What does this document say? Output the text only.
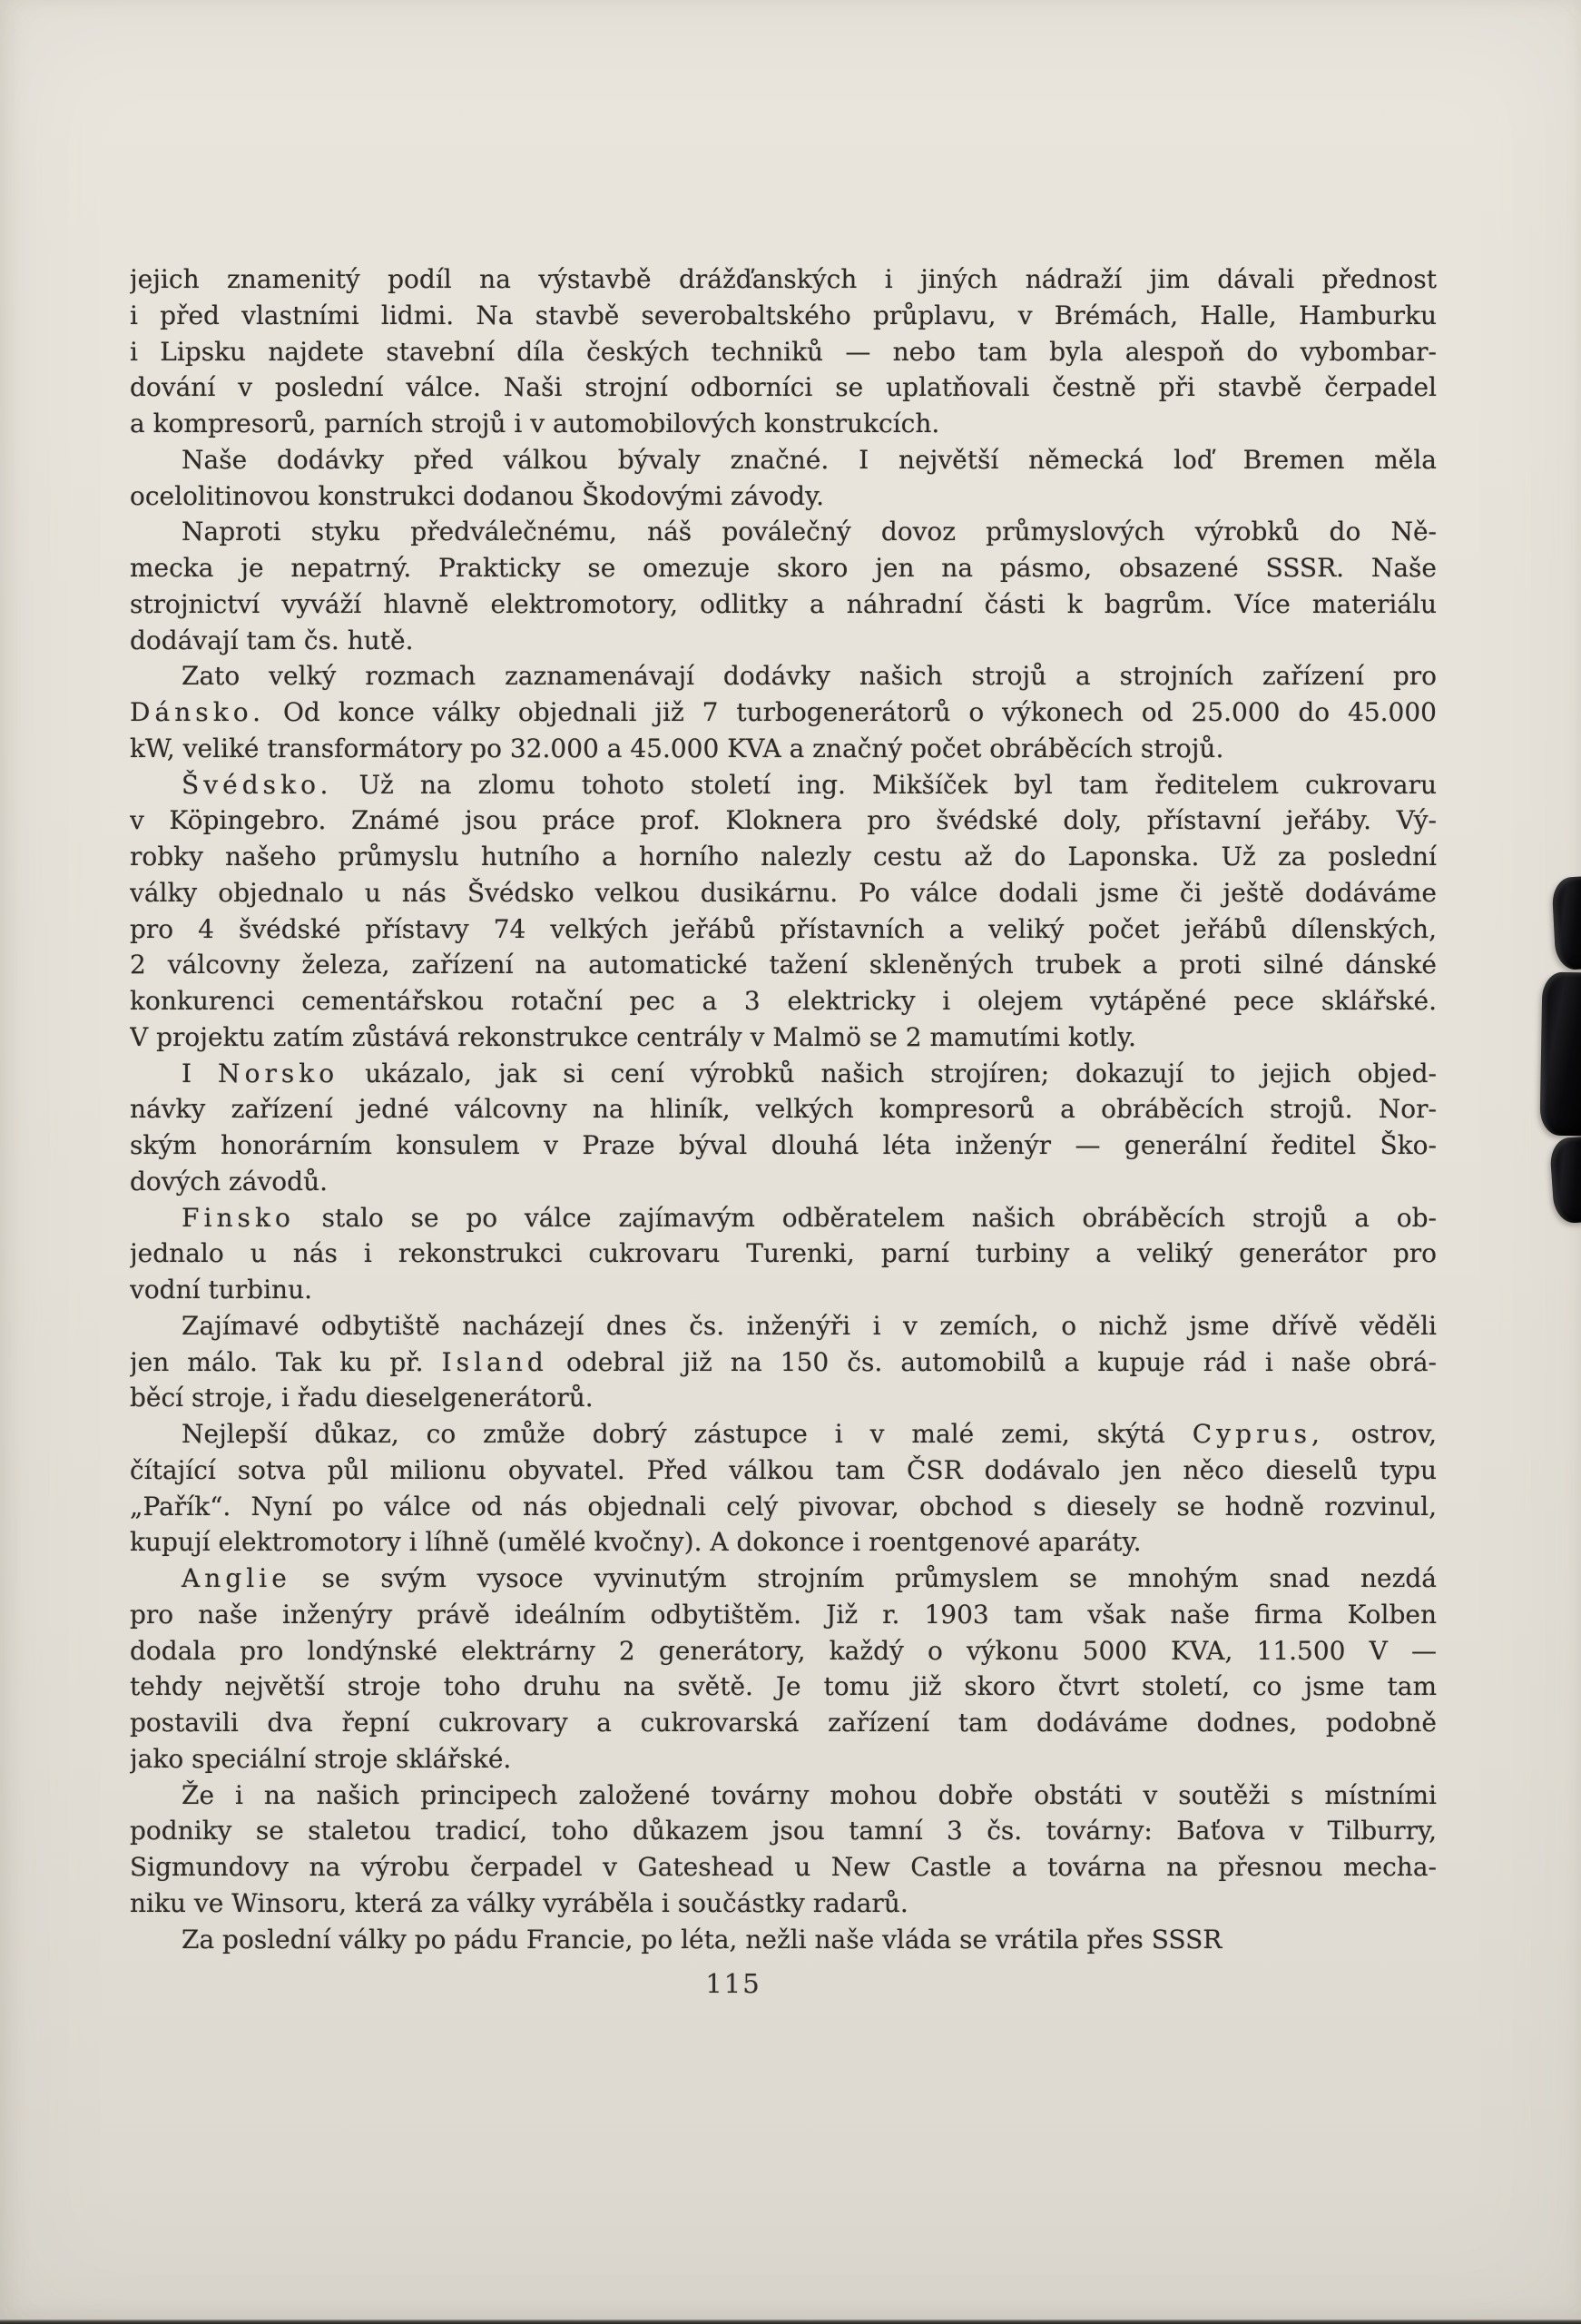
jejich znamenitý podíl na výstavbě drážďanských i jiných nádraží jim dávali přednost
i před vlastními lidmi. Na stavbě severobaltského průplavu, v Brémách, Halle, Hamburku
i Lipsku najdete stavební díla českých techniků — nebo tam byla alespoň do vybombar-
dování v poslední válce. Naši strojní odborníci se uplatňovali čestně při stavbě čerpadel
a kompresorů, parních strojů i v automobilových konstrukcích.
Naše dodávky před válkou bývaly značné. I největší německá loď Bremen měla
ocelolitinovou konstrukci dodanou Škodovými závody.
Naproti styku předválečnému, náš poválečný dovoz průmyslových výrobků do Ně-
mecka je nepatrný. Prakticky se omezuje skoro jen na pásmo, obsazené SSSR. Naše
strojnictví vyváží hlavně elektromotory, odlitky a náhradní části k bagrům. Více materiálu
dodávají tam čs. hutě.
Zato velký rozmach zaznamenávají dodávky našich strojů a strojních zařízení pro
Dánsko. Od konce války objednali již 7 turbogenerátorů o výkonech od 25.000 do 45.000
kW, veliké transformátory po 32.000 a 45.000 KVA a značný počet obráběcích strojů.
Švédsko. Už na zlomu tohoto století ing. Mikšíček byl tam ředitelem cukrovaru
v Köpingebro. Známé jsou práce prof. Kloknera pro švédské doly, přístavní jeřáby. Vý-
robky našeho průmyslu hutního a horního nalezly cestu až do Laponska. Už za poslední
války objednalo u nás Švédsko velkou dusikárnu. Po válce dodali jsme či ještě dodáváme
pro 4 švédské přístavy 74 velkých jeřábů přístavních a veliký počet jeřábů dílenských,
2 válcovny železa, zařízení na automatické tažení skleněných trubek a proti silné dánské
konkurenci cementářskou rotační pec a 3 elektricky i olejem vytápěné pece sklářské.
V projektu zatím zůstává rekonstrukce centrály v Malmö se 2 mamutími kotly.
I Norsko ukázalo, jak si cení výrobků našich strojíren; dokazují to jejich objed-
návky zařízení jedné válcovny na hliník, velkých kompresorů a obráběcích strojů. Nor-
ským honorárním konsulem v Praze býval dlouhá léta inženýr — generální ředitel Ško-
dových závodů.
Finsko stalo se po válce zajímavým odběratelem našich obráběcích strojů a ob-
jednalo u nás i rekonstrukci cukrovaru Turenki, parní turbiny a veliký generátor pro
vodní turbinu.
Zajímavé odbytiště nacházejí dnes čs. inženýři i v zemích, o nichž jsme dřívě věděli
jen málo. Tak ku př. Island odebral již na 150 čs. automobilů a kupuje rád i naše obrá-
běcí stroje, i řadu dieselgenerátorů.
Nejlepší důkaz, co zmůže dobrý zástupce i v malé zemi, skýtá Cyprus, ostrov,
čítající sotva půl milionu obyvatel. Před válkou tam ČSR dodávalo jen něco dieselů typu
„Pařík“. Nyní po válce od nás objednali celý pivovar, obchod s diesely se hodně rozvinul,
kupují elektromotory i líhně (umělé kvočny). A dokonce i roentgenové aparáty.
Anglie se svým vysoce vyvinutým strojním průmyslem se mnohým snad nezdá
pro naše inženýry právě ideálním odbytištěm. Již r. 1903 tam však naše firma Kolben
dodala pro londýnské elektrárny 2 generátory, každý o výkonu 5000 KVA, 11.500 V —
tehdy největší stroje toho druhu na světě. Je tomu již skoro čtvrt století, co jsme tam
postavili dva řepní cukrovary a cukrovarská zařízení tam dodáváme dodnes, podobně
jako speciální stroje sklářské.
Že i na našich principech založené továrny mohou dobře obstáti v soutěži s místními
podniky se staletou tradicí, toho důkazem jsou tamní 3 čs. továrny: Baťova v Tilburry,
Sigmundovy na výrobu čerpadel v Gateshead u New Castle a továrna na přesnou mecha-
niku ve Winsoru, která za války vyráběla i součástky radarů.
Za poslední války po pádu Francie, po léta, nežli naše vláda se vrátila přes SSSR
115
